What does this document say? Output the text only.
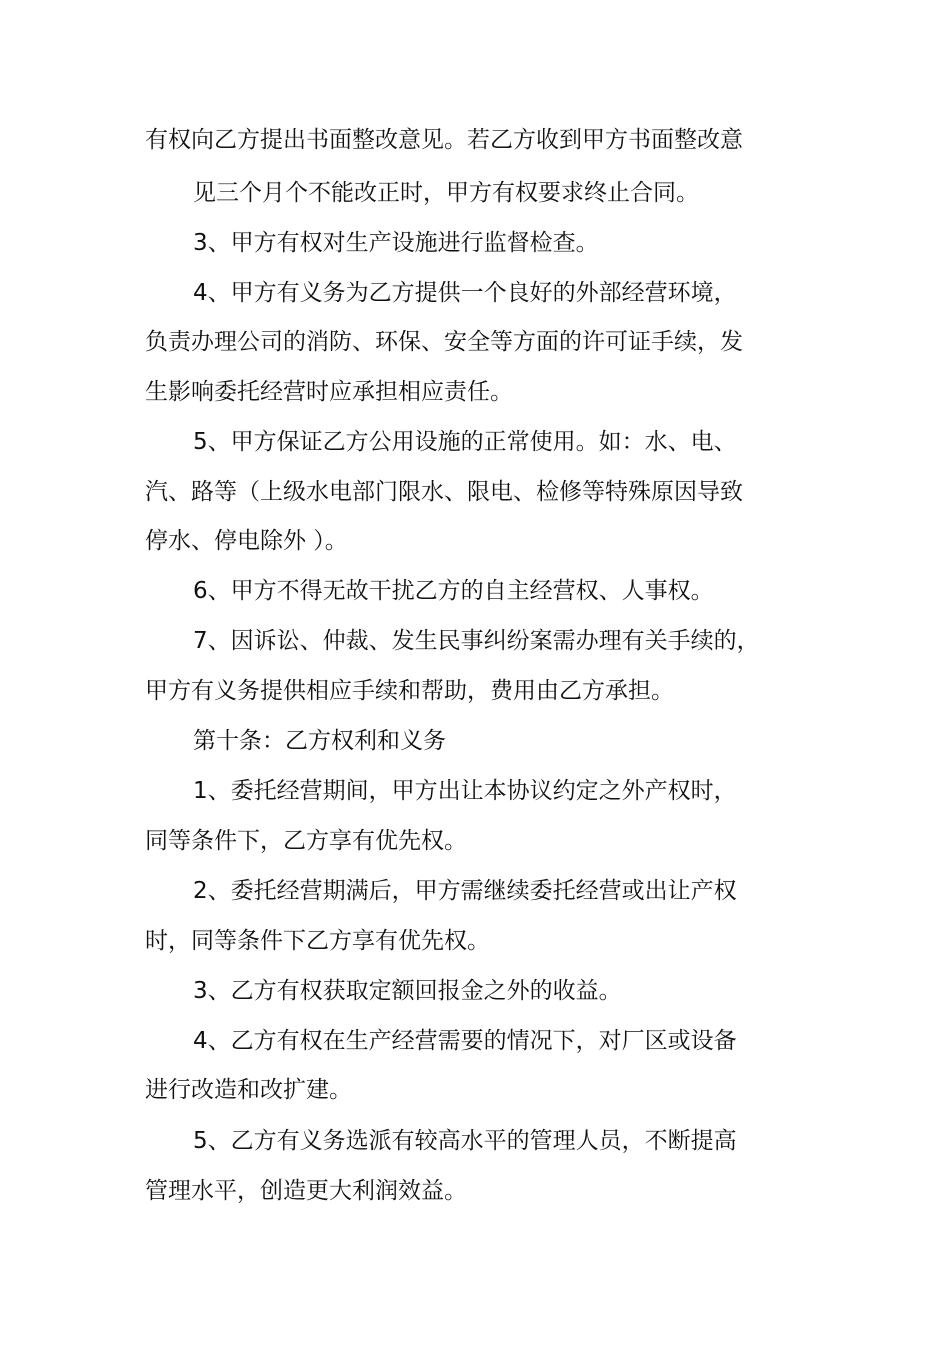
有权向乙方提出书面整改意见。若乙方收到甲方书面整改意
见三个月个不能改正时，甲方有权要求终止合同。
3、甲方有权对生产设施进行监督检查。
4、甲方有义务为乙方提供一个良好的外部经营环境，
负责办理公司的消防、环保、安全等方面的许可证手续，发
生影响委托经营时应承担相应责任。
5、甲方保证乙方公用设施的正常使用。如：水、电、
汽、路等（上级水电部门限水、限电、检修等特殊原因导致
停水、停电除外 ）。
6、甲方不得无故干扰乙方的自主经营权、人事权。
7、因诉讼、仲裁、发生民事纠纷案需办理有关手续的，
甲方有义务提供相应手续和帮助，费用由乙方承担。
第十条：乙方权利和义务
1、委托经营期间，甲方出让本协议约定之外产权时，
同等条件下，乙方享有优先权。
2、委托经营期满后，甲方需继续委托经营或出让产权
时，同等条件下乙方享有优先权。
3、乙方有权获取定额回报金之外的收益。
4、乙方有权在生产经营需要的情况下，对厂区或设备
进行改造和改扩建。
5、乙方有义务选派有较高水平的管理人员，不断提高
管理水平，创造更大利润效益。
